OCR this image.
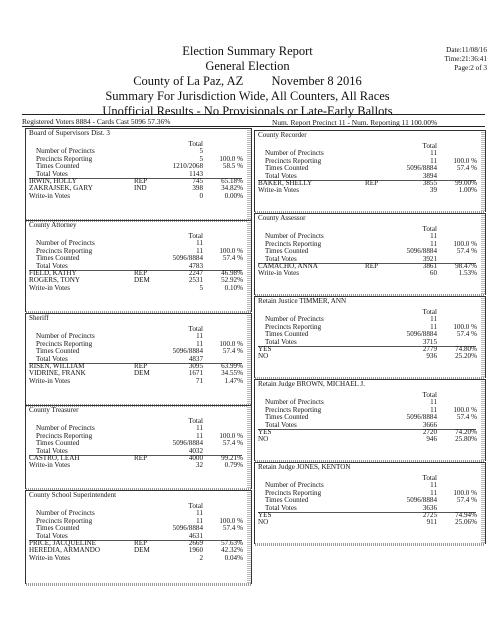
Election Summary Report
General Election
County of La Paz, AZ November 8 2016
Summary For Jurisdiction Wide, All Counters, All Races
Unofficial Results - No Provisionals or Late-Early Ballots
Date:11/08/16
Time:21:36:41
Page:2 of 3
Registered Voters 8884 - Cards Cast 5096 57.36%	Num. Report Precinct 11 - Num. Reporting 11 100.00%
Board of Supervisors Dist. 3
Total
Number of Precincts	5
Precincts Reporting	5 100.0 %
Times Counted	1210/2068	58.5 %
Total Votes	1143
IRWIN, HOLLY	REP	745	65.18%
ZAKRAJSEK, GARY	IND	398	34.82%
Write-in Votes	0	0.00%
County Attorney
Total
Number of Precincts	11
Precincts Reporting	11 100.0 %
Times Counted	5096/8884	57.4 %
Total Votes	4783
FIELD, KATHY	REP	2247	46.98%
ROGERS, TONY	DEM	2531	52.92%
Write-in Votes	5	0.10%
Sheriff
Total
Number of Precincts	11
Precincts Reporting	11 100.0 %
Times Counted	5096/8884	57.4 %
Total Votes	4837
RISEN, WILLIAM	REP	3095	63.99%
VIDRINE, FRANK	DEM	1671	34.55%
Write-in Votes	71	1.47%
County Treasurer
Total
Number of Precincts	11
Precincts Reporting	11 100.0 %
Times Counted	5096/8884	57.4 %
Total Votes	4032
CASTRO, LEAH	REP	4000	99.21%
Write-in Votes	32	0.79%
County School Superintendent
Total
Number of Precincts	11
Precincts Reporting	11 100.0 %
Times Counted	5096/8884	57.4 %
Total Votes	4631
PRICE, JACQUELINE	REP	2669	57.63%
HEREDIA, ARMANDO	DEM	1960	42.32%
Write-in Votes	2	0.04%
County Recorder
Total
Number of Precincts	11
Precincts Reporting	11 100.0 %
Times Counted	5096/8884	57.4 %
Total Votes	3894
BAKER, SHELLY	REP	3855	99.00%
Write-in Votes	39	1.00%
County Assessor
Total
Number of Precincts	11
Precincts Reporting	11 100.0 %
Times Counted	5096/8884	57.4 %
Total Votes	3921
CAMACHO, ANNA	REP	3861	98.47%
Write-in Votes	60	1.53%
Retain Justice TIMMER, ANN
Total
Number of Precincts	11
Precincts Reporting	11 100.0 %
Times Counted	5096/8884	57.4 %
Total Votes	3715
YES	2779	74.80%
NO	936	25.20%
Retain Judge BROWN, MICHAEL J.
Total
Number of Precincts	11
Precincts Reporting	11 100.0 %
Times Counted	5096/8884	57.4 %
Total Votes	3666
YES	2720	74.20%
NO	946	25.80%
Retain Judge JONES, KENTON
Total
Number of Precincts	11
Precincts Reporting	11 100.0 %
Times Counted	5096/8884	57.4 %
Total Votes	3636
YES	2725	74.94%
NO	911	25.06%
